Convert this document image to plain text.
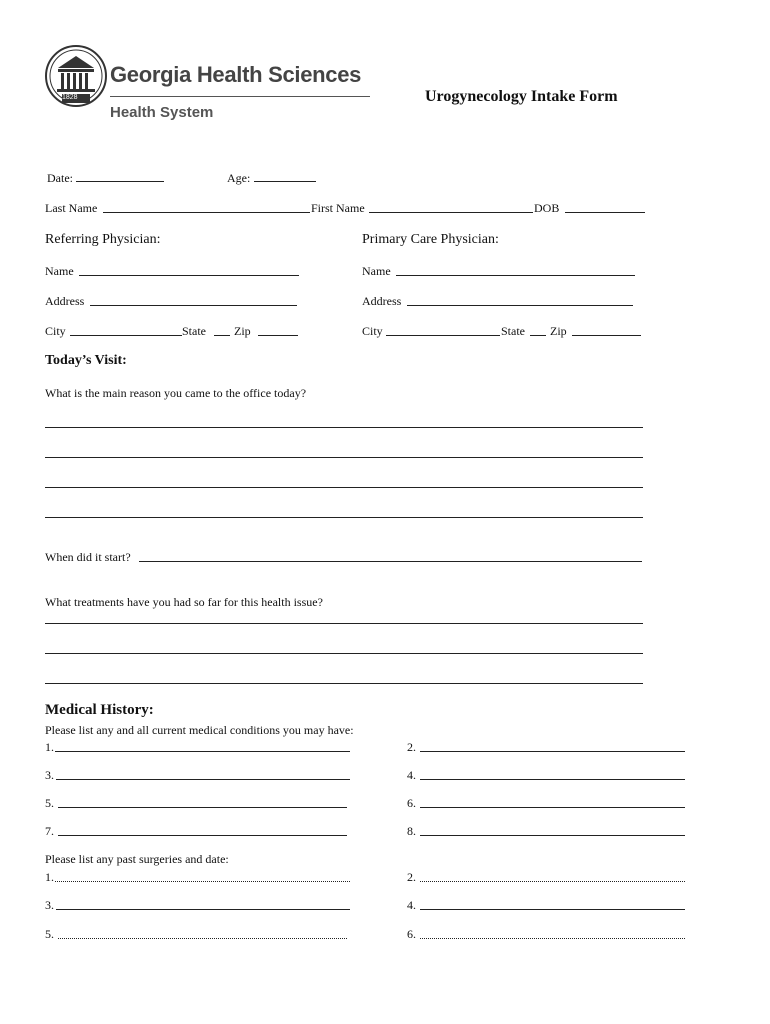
1828
Georgia Health Sciences
Health System
Urogynecology Intake Form
Date:	Age:
Last Name	First Name	DOB
Referring Physician:
Name
Address
City	State Zip
Primary Care Physician:
Name
Address
City	State Zip
Today’s Visit:
What is the main reason you came to the office today?
When did it start?
What treatments have you had so far for this health issue?
Medical History:
Please list any and all current medical conditions you may have:
1.
3.
5.
7.
2.
4.
6.
8.
Please list any past surgeries and date:
1.
3.
5.
2.
4.
6.
